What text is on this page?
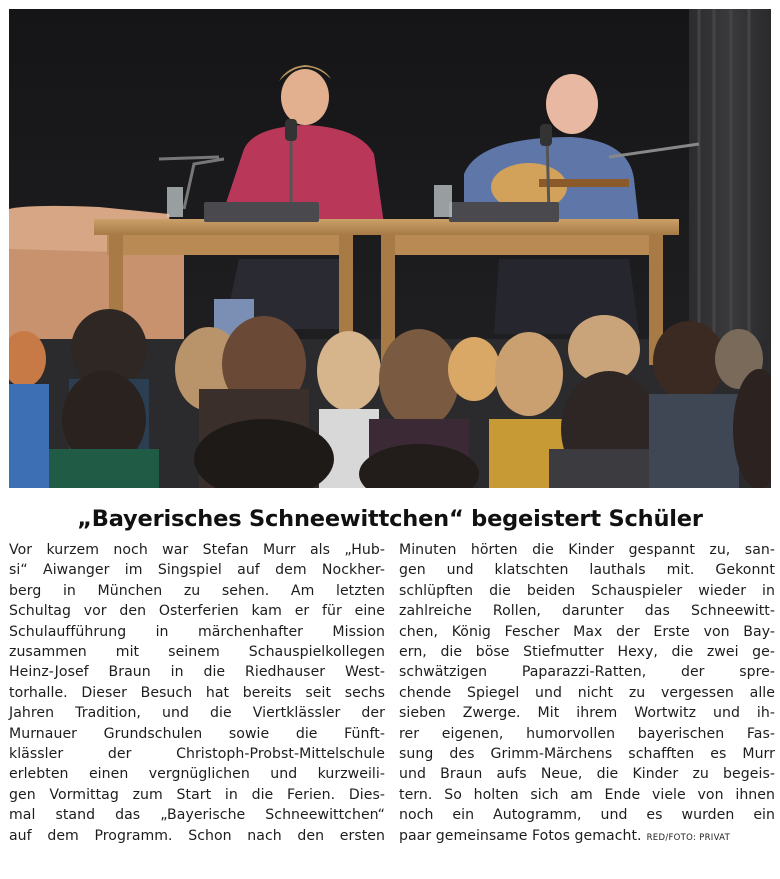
„Bayerisches Schneewittchen“ begeistert Schüler
Vor kurzem noch war Stefan Murr als „Hub-
si“ Aiwanger im Singspiel auf dem Nockher-
berg in München zu sehen. Am letzten
Schultag vor den Osterferien kam er für eine
Schulaufführung in märchenhafter Mission
zusammen mit seinem Schauspielkollegen
Heinz-Josef Braun in die Riedhauser West-
torhalle. Dieser Besuch hat bereits seit sechs
Jahren Tradition, und die Viertklässler der
Murnauer Grundschulen sowie die Fünft-
klässler der Christoph-Probst-Mittelschule
erlebten einen vergnüglichen und kurzweili-
gen Vormittag zum Start in die Ferien. Dies-
mal stand das „Bayerische Schneewittchen“
auf dem Programm. Schon nach den ersten
Minuten hörten die Kinder gespannt zu, san-
gen und klatschten lauthals mit. Gekonnt
schlüpften die beiden Schauspieler wieder in
zahlreiche Rollen, darunter das Schneewitt-
chen, König Fescher Max der Erste von Bay-
ern, die böse Stiefmutter Hexy, die zwei ge-
schwätzigen Paparazzi-Ratten, der spre-
chende Spiegel und nicht zu vergessen alle
sieben Zwerge. Mit ihrem Wortwitz und ih-
rer eigenen, humorvollen bayerischen Fas-
sung des Grimm-Märchens schafften es Murr
und Braun aufs Neue, die Kinder zu begeis-
tern. So holten sich am Ende viele von ihnen
noch ein Autogramm, und es wurden ein
paar gemeinsame Fotos gemacht. RED/FOTO: PRIVAT
